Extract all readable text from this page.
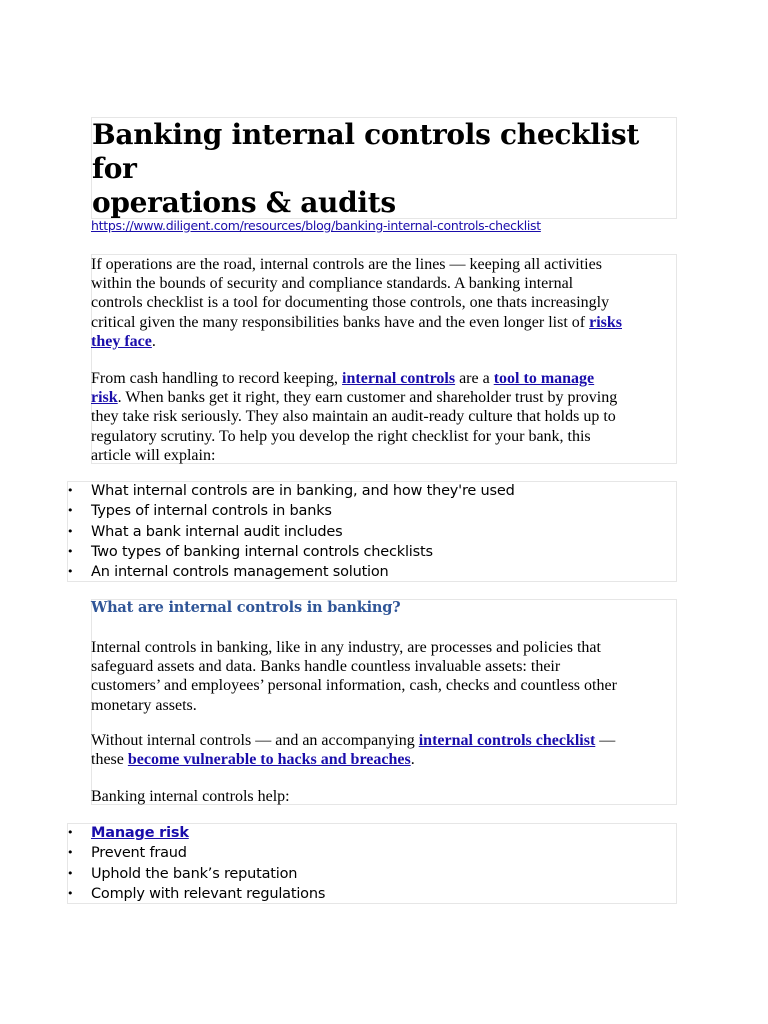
Banking internal controls checklist for
operations & audits
https://www.diligent.com/resources/blog/banking-internal-controls-checklist

If operations are the road, internal controls are the lines — keeping all activities
within the bounds of security and compliance standards. A banking internal
controls checklist is a tool for documenting those controls, one thats increasingly
critical given the many responsibilities banks have and the even longer list of risks
they face.

From cash handling to record keeping, internal controls are a tool to manage
risk. When banks get it right, they earn customer and shareholder trust by proving
they take risk seriously. They also maintain an audit-ready culture that holds up to
regulatory scrutiny. To help you develop the right checklist for your bank, this
article will explain:

• What internal controls are in banking, and how they're used
• Types of internal controls in banks
• What a bank internal audit includes
• Two types of banking internal controls checklists
• An internal controls management solution
What are internal controls in banking?

Internal controls in banking, like in any industry, are processes and policies that
safeguard assets and data. Banks handle countless invaluable assets: their
customers’ and employees’ personal information, cash, checks and countless other
monetary assets.

Without internal controls — and an accompanying internal controls checklist —
these become vulnerable to hacks and breaches.

Banking internal controls help:

• Manage risk
• Prevent fraud
• Uphold the bank’s reputation
• Comply with relevant regulations
